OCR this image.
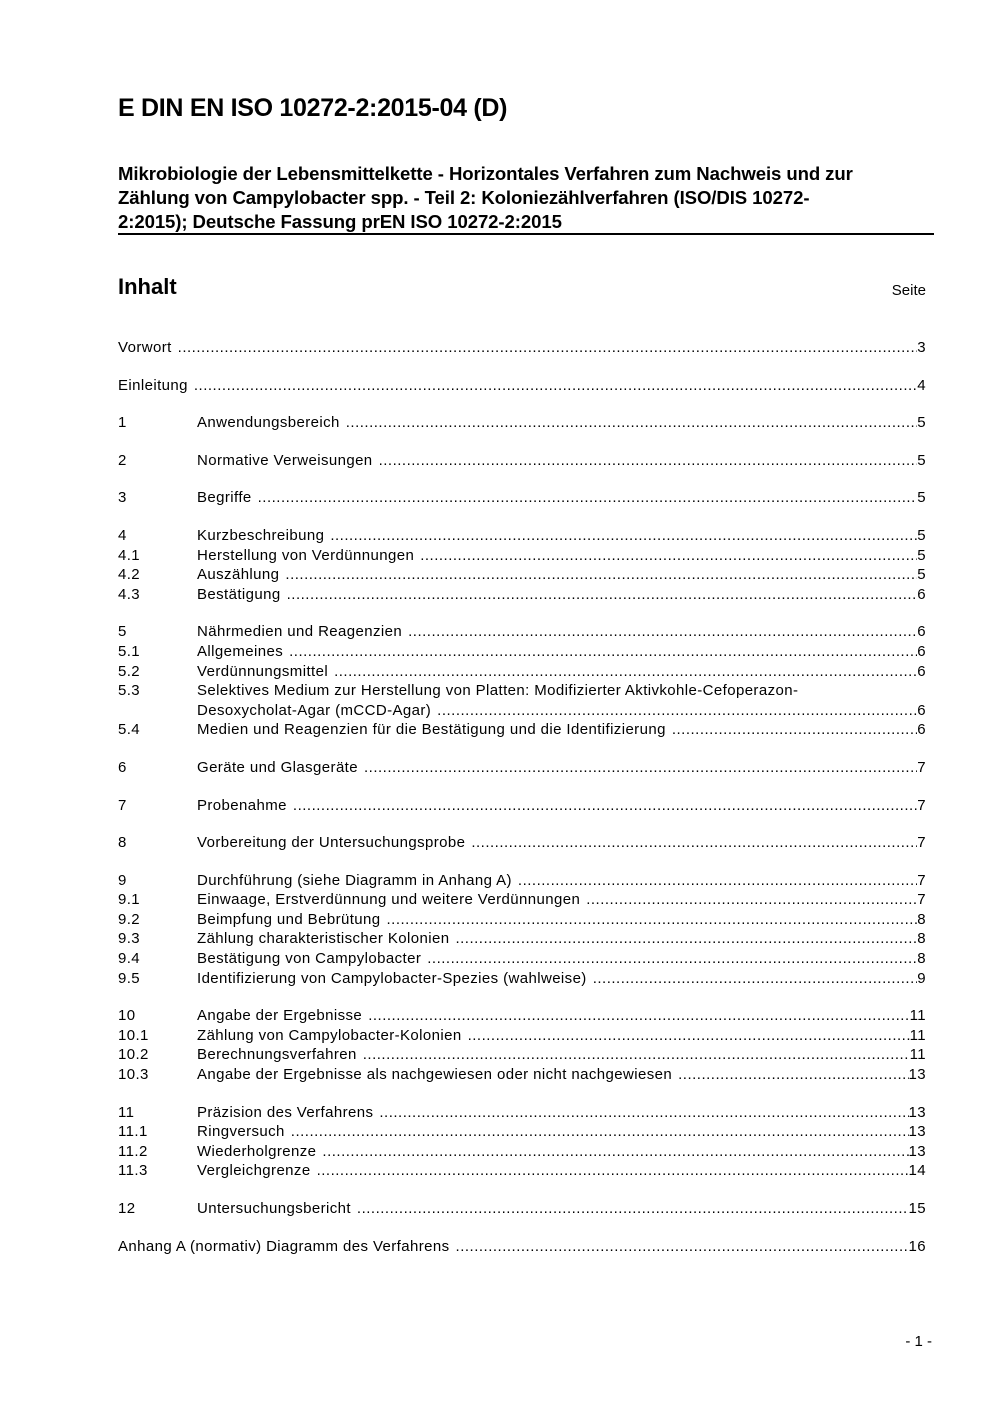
E DIN EN ISO 10272-2:2015-04 (D)
Mikrobiologie der Lebensmittelkette - Horizontales Verfahren zum Nachweis und zur
Zählung von Campylobacter spp. - Teil 2: Koloniezählverfahren (ISO/DIS 10272-
2:2015); Deutsche Fassung prEN ISO 10272-2:2015
Inhalt	Seite
Vorwort .....	3
Einleitung .....	4
1	Anwendungsbereich .....	5
2	Normative Verweisungen .....	5
3	Begriffe .....	5
4	Kurzbeschreibung .....	5
4.1	Herstellung von Verdünnungen .....	5
4.2	Auszählung .....	5
4.3	Bestätigung .....	6
5	Nährmedien und Reagenzien .....	6
5.1	Allgemeines .....	6
5.2	Verdünnungsmittel .....	6
5.3	Selektives Medium zur Herstellung von Platten: Modifizierter Aktivkohle-Cefoperazon-
Desoxycholat-Agar (mCCD-Agar) .....	6
5.4	Medien und Reagenzien für die Bestätigung und die Identifizierung .....	6
6	Geräte und Glasgeräte .....	7
7	Probenahme .....	7
8	Vorbereitung der Untersuchungsprobe .....	7
9	Durchführung (siehe Diagramm in Anhang A) .....	7
9.1	Einwaage, Erstverdünnung und weitere Verdünnungen .....	7
9.2	Beimpfung und Bebrütung .....	8
9.3	Zählung charakteristischer Kolonien .....	8
9.4	Bestätigung von Campylobacter .....	8
9.5	Identifizierung von Campylobacter-Spezies (wahlweise) .....	9
10	Angabe der Ergebnisse .....	11
10.1	Zählung von Campylobacter-Kolonien .....	11
10.2	Berechnungsverfahren .....	11
10.3	Angabe der Ergebnisse als nachgewiesen oder nicht nachgewiesen .....	13
11	Präzision des Verfahrens .....	13
11.1	Ringversuch .....	13
11.2	Wiederholgrenze .....	13
11.3	Vergleichgrenze .....	14
12	Untersuchungsbericht .....	15
Anhang A (normativ) Diagramm des Verfahrens .....	16
- 1 -
